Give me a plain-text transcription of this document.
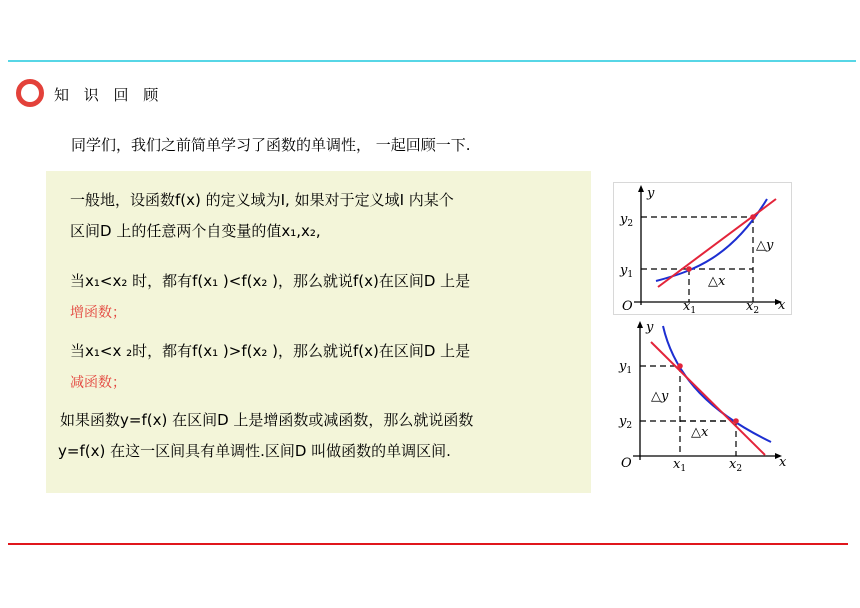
知 识 回 顾
同学们，我们之前简单学习了函数的单调性， 一起回顾一下.
一般地，设函数f(x) 的定义域为I, 如果对于定义域I 内某个
区间D 上的任意两个自变量的值x₁,x₂,
当x₁<x₂ 时，都有f(x₁ )<f(x₂ )，那么就说f(x)在区间D 上是
增函数；
当x₁<x ₂时，都有f(x₁ )>f(x₂ )，那么就说f(x)在区间D 上是
减函数；
如果函数y=f(x) 在区间D 上是增函数或减函数，那么就说函数
y=f(x) 在这一区间具有单调性.区间D 叫做函数的单调区间.
y
x
O
$y_2$
$y_1$
$x_1$	$x_2$
△x
△y
y
x
O
$y_1$
$y_2$
$x_1$	$x_2$
△y
△x
